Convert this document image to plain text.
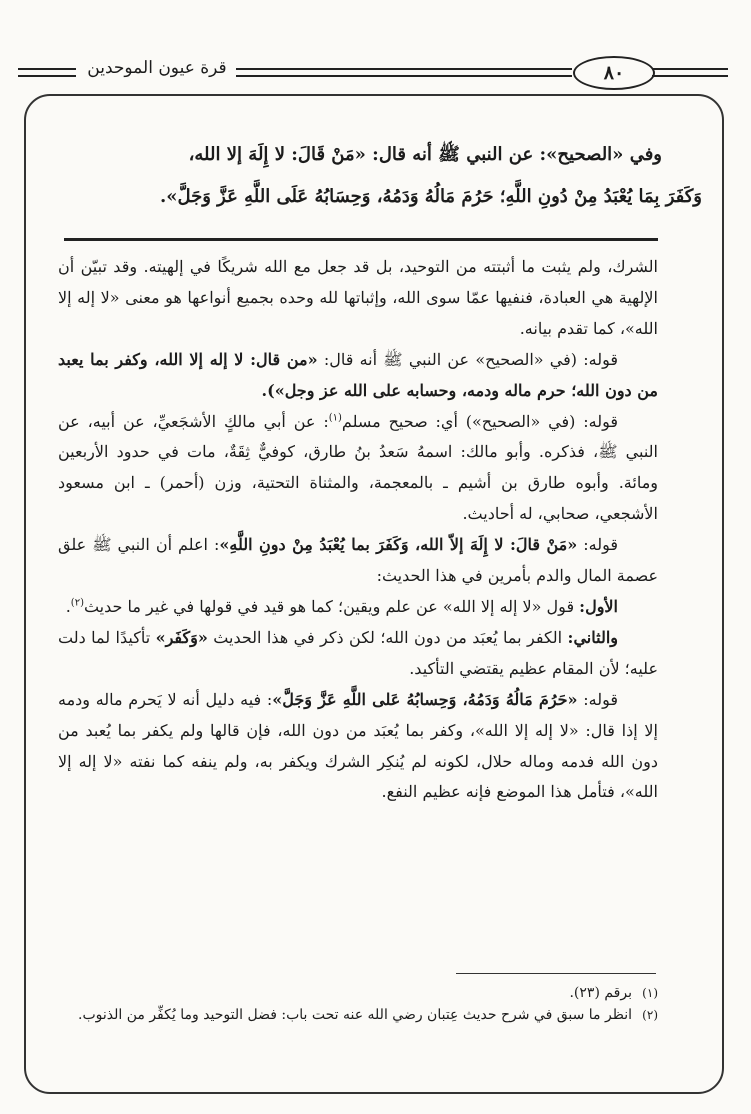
قرة عيون الموحدين	٨٠

وفي «الصحيح»: عن النبي ﷺ أنه قال: «مَنْ قَالَ: لا إِلَهَ إلا الله،

وَكَفَرَ بِمَا يُعْبَدُ مِنْ دُونِ اللَّهِ؛ حَرُمَ مَالُهُ وَدَمُهُ، وَحِسَابُهُ عَلَى اللَّهِ عَزَّ وَجَلَّ».

الشرك، ولم يثبت ما أثبتته من التوحيد، بل قد جعل مع الله شريكًا في إلهيته. وقد تبيّن أن الإلهية هي العبادة، فنفيها عمّا سوى الله، وإثباتها لله وحده بجميع أنواعها هو معنى «لا إله إلا الله»، كما تقدم بيانه.

قوله: (في «الصحيح» عن النبي ﷺ أنه قال: «من قال: لا إله إلا الله، وكفر بما يعبد من دون الله؛ حرم ماله ودمه، وحسابه على الله عز وجل»).

قوله: (في «الصحيح») أي: صحيح مسلم$^{(١)}$: عن أبي مالكٍ الأشجَعيِّ، عن أبيه، عن النبي ﷺ، فذكره. وأبو مالك: اسمهُ سَعدُ بنُ طارق، كوفيٌّ ثِقَةٌ، مات في حدود الأربعين ومائة. وأبوه طارق بن أشيم ـ بالمعجمة، والمثناة التحتية، وزن (أحمر) ـ ابن مسعود الأشجعي، صحابي، له أحاديث.

قوله: «مَنْ قالَ: لا إِلَهَ إلاّ الله، وَكَفَرَ بما يُعْبَدُ مِنْ دونِ اللَّهِ»: اعلم أن النبي ﷺ علق عصمة المال والدم بأمرين في هذا الحديث:

الأول: قول «لا إله إلا الله» عن علم ويقين؛ كما هو قيد في قولها في غير ما حديث$^{(٢)}$.

والثاني: الكفر بما يُعبَد من دون الله؛ لكن ذكر في هذا الحديث «وَكَفَر» تأكيدًا لما دلت عليه؛ لأن المقام عظيم يقتضي التأكيد.

قوله: «حَرُمَ مَالُهُ وَدَمُهُ، وَحِسابُهُ عَلى اللَّهِ عَزَّ وَجَلَّ»: فيه دليل أنه لا يَحرم ماله ودمه إلا إذا قال: «لا إله إلا الله»، وكفر بما يُعبَد من دون الله، فإن قالها ولم يكفر بما يُعبد من دون الله فدمه وماله حلال، لكونه لم يُنكِر الشرك ويكفر به، ولم ينفه كما نفته «لا إله إلا الله»، فتأمل هذا الموضع فإنه عظيم النفع.

(١)برقم (٢٣).

(٢)انظر ما سبق في شرح حديث عِتبان رضي الله عنه تحت باب: فضل التوحيد وما يُكفِّر من الذنوب.
